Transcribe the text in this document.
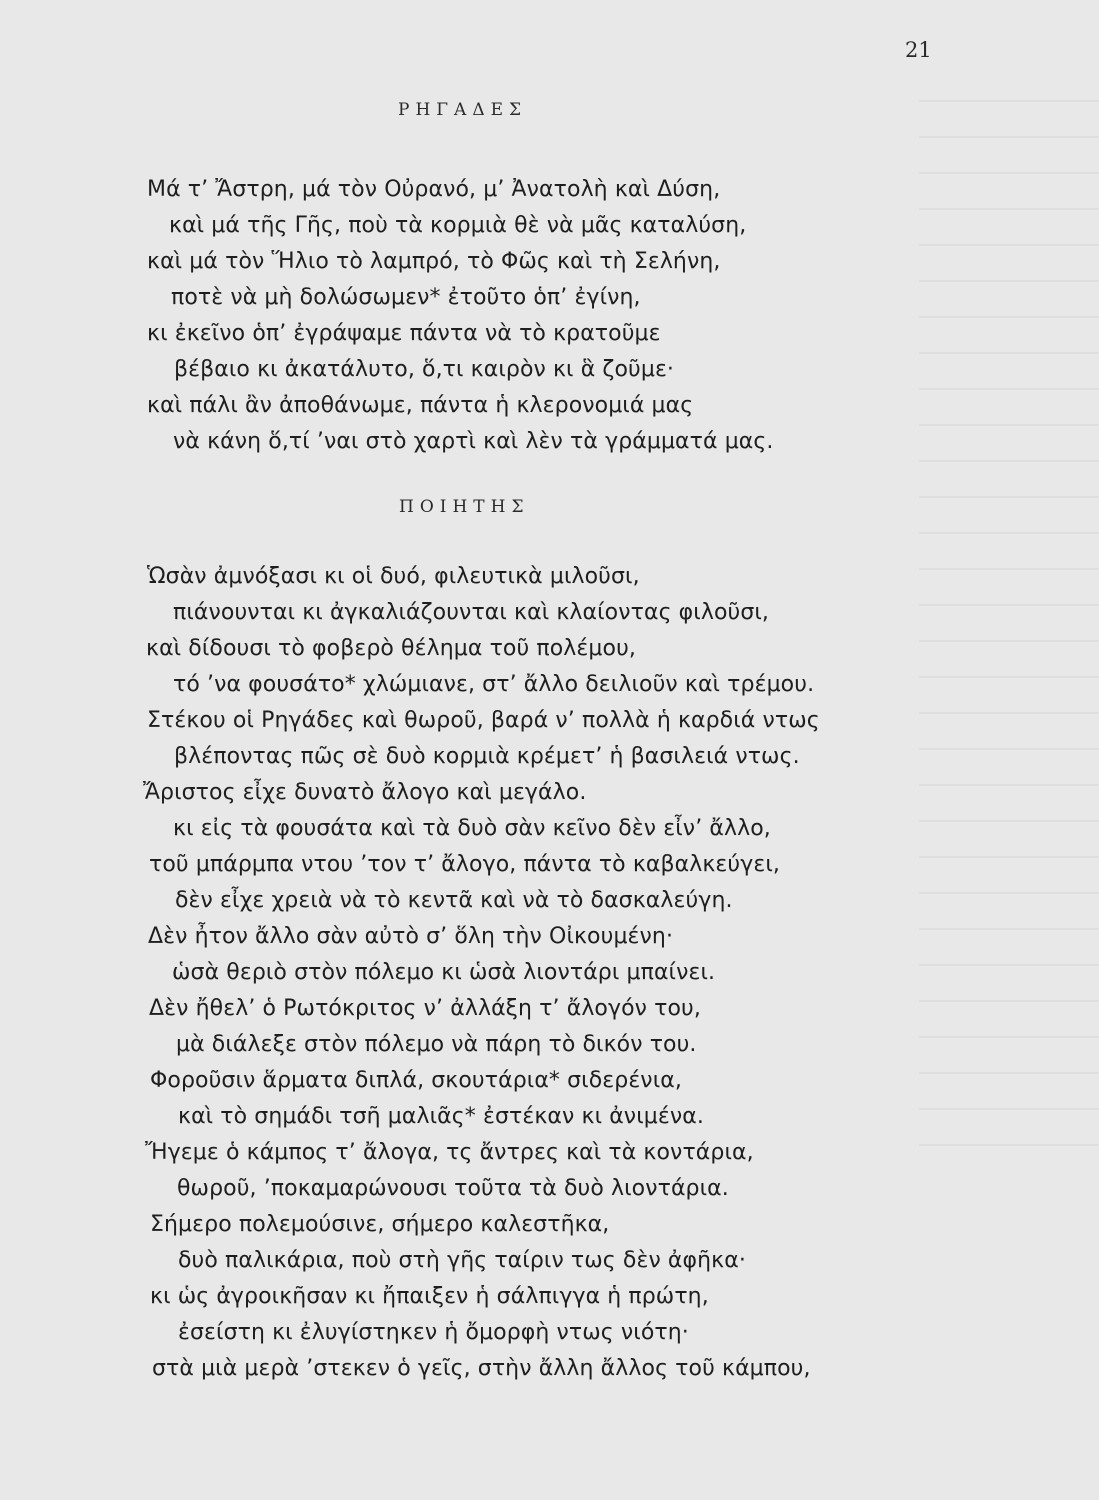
21
ΡΗΓΑΔΕΣ
Μά τ’ Ἄστρη, μά τὸν Οὐρανό, μ’ Ἀνατολὴ καὶ Δύση,
καὶ μά τῆς Γῆς, ποὺ τὰ κορμιὰ θὲ νὰ μᾶς καταλύση,
καὶ μά τὸν Ἥλιο τὸ λαμπρό, τὸ Φῶς καὶ τὴ Σελήνη,
ποτὲ νὰ μὴ δολώσωμεν* ἐτοῦτο ὁπ’ ἐγίνη,
κι ἐκεῖνο ὁπ’ ἐγράψαμε πάντα νὰ τὸ κρατοῦμε
βέβαιο κι ἀκατάλυτο, ὅ,τι καιρὸν κι ἃ ζοῦμε·
καὶ πάλι ἂν ἀποθάνωμε, πάντα ἡ κλερονομιά μας
νὰ κάνη ὅ,τί ’ναι στὸ χαρτὶ καὶ λὲν τὰ γράμματά μας.
ΠΟΙΗΤΗΣ
Ὡσὰν ἀμνόξασι κι οἱ δυό, φιλευτικὰ μιλοῦσι,
πιάνουνται κι ἀγκαλιάζουνται καὶ κλαίοντας φιλοῦσι,
καὶ δίδουσι τὸ φοβερὸ θέλημα τοῦ πολέμου,
τό ’να φουσάτο* χλώμιανε, στ’ ἄλλο δειλιοῦν καὶ τρέμου.
Στέκου οἱ Ρηγάδες καὶ θωροῦ, βαρά ν’ πολλὰ ἡ καρδιά ντως
βλέποντας πῶς σὲ δυὸ κορμιὰ κρέμετ’ ἡ βασιλειά ντως.
Ἄριστος εἶχε δυνατὸ ἄλογο καὶ μεγάλο.
κι εἰς τὰ φουσάτα καὶ τὰ δυὸ σὰν κεῖνο δὲν εἶν’ ἄλλο,
τοῦ μπάρμπα ντου ’τον τ’ ἄλογο, πάντα τὸ καβαλκεύγει,
δὲν εἶχε χρειὰ νὰ τὸ κεντᾶ καὶ νὰ τὸ δασκαλεύγη.
Δὲν ἦτον ἄλλο σὰν αὐτὸ σ’ ὅλη τὴν Οἰκουμένη·
ὡσὰ θεριὸ στὸν πόλεμο κι ὡσὰ λιοντάρι μπαίνει.
Δὲν ἤθελ’ ὁ Ρωτόκριτος ν’ ἀλλάξη τ’ ἄλογόν του,
μὰ διάλεξε στὸν πόλεμο νὰ πάρη τὸ δικόν του.
Φοροῦσιν ἅρματα διπλά, σκουτάρια* σιδερένια,
καὶ τὸ σημάδι τσῆ μαλιᾶς* ἐστέκαν κι ἀνιμένα.
Ἤγεμε ὁ κάμπος τ’ ἄλογα, τς ἄντρες καὶ τὰ κοντάρια,
θωροῦ, ’ποκαμαρώνουσι τοῦτα τὰ δυὸ λιοντάρια.
Σήμερο πολεμούσινε, σήμερο καλεστῆκα,
δυὸ παλικάρια, ποὺ στὴ γῆς ταίριν τως δὲν ἀφῆκα·
κι ὡς ἀγροικῆσαν κι ἤπαιξεν ἡ σάλπιγγα ἡ πρώτη,
ἐσείστη κι ἐλυγίστηκεν ἡ ὄμορφὴ ντως νιότη·
στὰ μιὰ μερὰ ’στεκεν ὁ γεῖς, στὴν ἄλλη ἄλλος τοῦ κάμπου,
